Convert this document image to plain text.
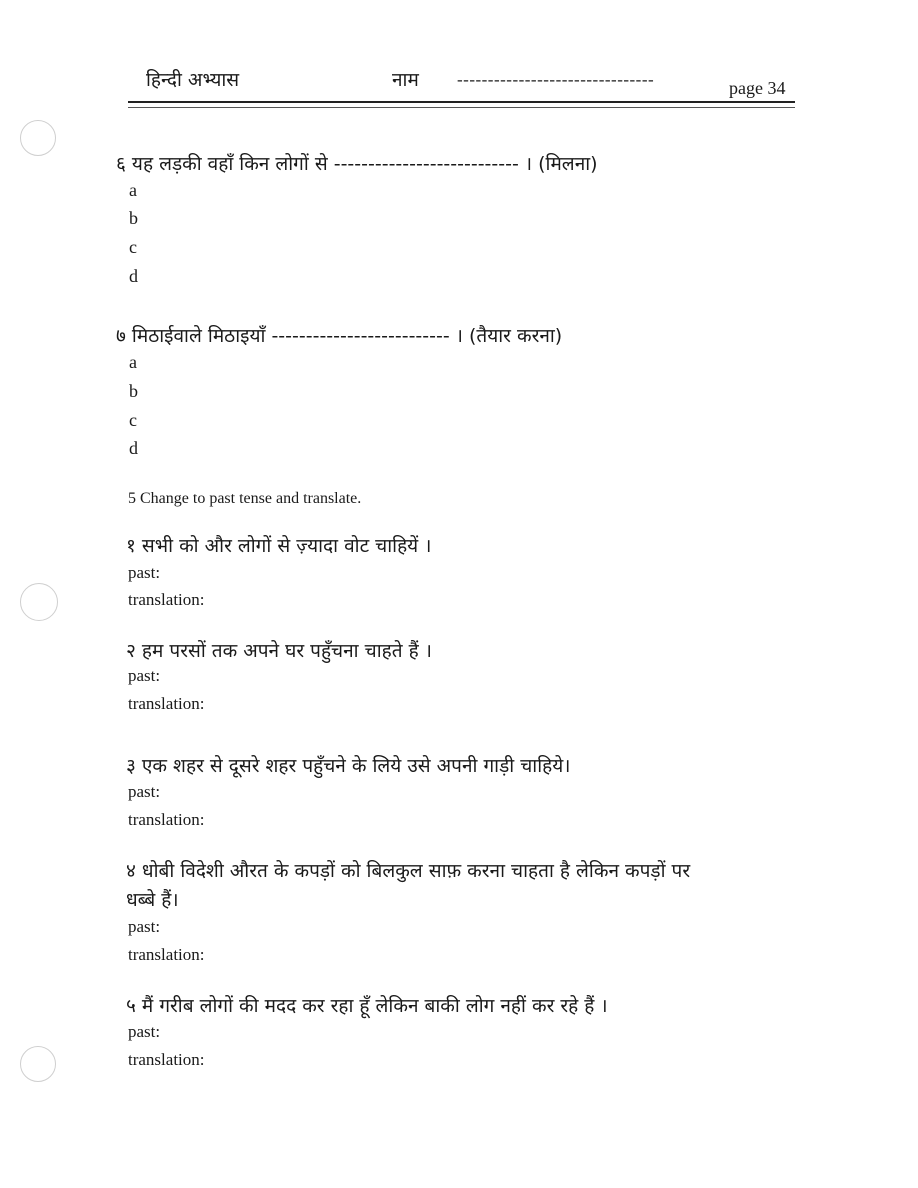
हिन्दी अभ्यास	नाम --------------------------------	page 34
६ यह लड़की वहाँ किन लोगों से --------------------------- । (मिलना)
a
b
c
d
७ मिठाईवाले मिठाइयाँ -------------------------- । (तैयार करना)
a
b
c
d
5 Change to past tense and translate.
१ सभी को और लोगों से ज़्यादा वोट चाहियें ।
past:
translation:
२ हम परसों तक अपने घर पहुँचना चाहते हैं ।
past:
translation:
३ एक शहर से दूसरे शहर पहुँचने के लिये उसे अपनी गाड़ी चाहिये।
past:
translation:
४ धोबी विदेशी औरत के कपड़ों को बिलकुल साफ़ करना चाहता है लेकिन कपड़ों पर
धब्बे हैं।
past:
translation:
५ मैं गरीब लोगों की मदद कर रहा हूँ लेकिन बाकी लोग नहीं कर रहे हैं ।
past:
translation:
